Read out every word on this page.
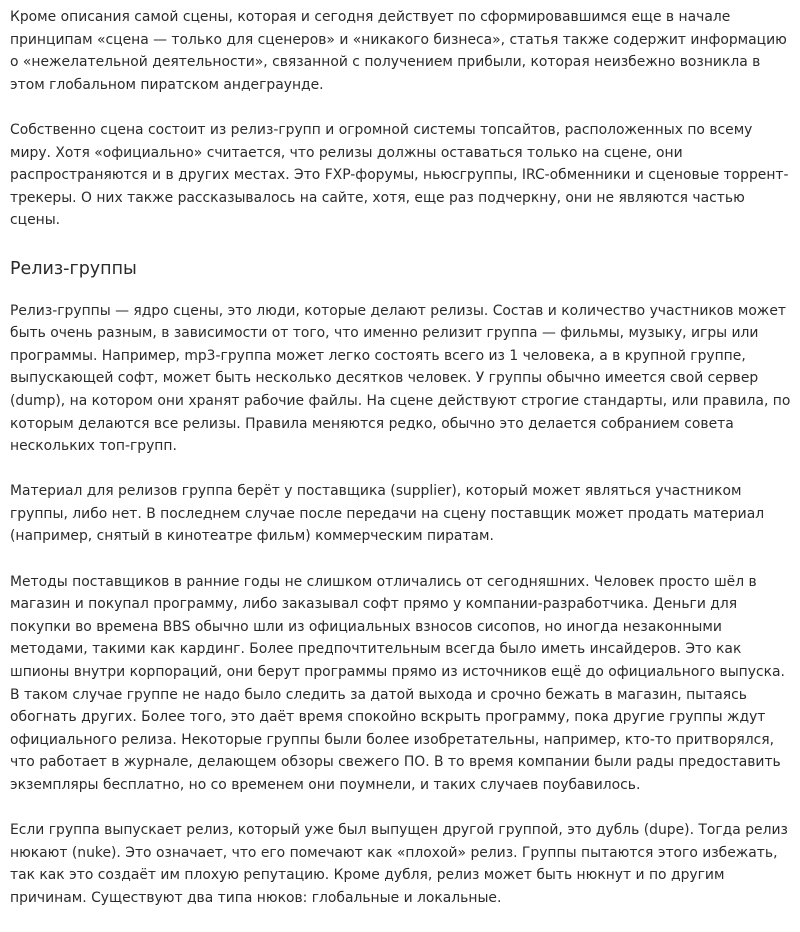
Кроме описания самой сцены, которая и сегодня действует по сформировавшимся еще в начале принципам «сцена — только для сценеров» и «никакого бизнеса», статья также содержит информацию о «нежелательной деятельности», связанной с получением прибыли, которая неизбежно возникла в этом глобальном пиратском андеграунде.

Собственно сцена состоит из релиз-групп и огромной системы топсайтов, расположенных по всему миру. Хотя «официально» считается, что релизы должны оставаться только на сцене, они распространяются и в других местах. Это FXP-форумы, ньюсгруппы, IRC-обменники и сценовые торрент-трекеры. О них также рассказывалось на сайте, хотя, еще раз подчеркну, они не являются частью сцены.

Релиз-группы

Релиз-группы — ядро сцены, это люди, которые делают релизы. Состав и количество участников может быть очень разным, в зависимости от того, что именно релизит группа — фильмы, музыку, игры или программы. Например, mp3-группа может легко состоять всего из 1 человека, а в крупной группе, выпускающей софт, может быть несколько десятков человек. У группы обычно имеется свой сервер (dump), на котором они хранят рабочие файлы. На сцене действуют строгие стандарты, или правила, по которым делаются все релизы. Правила меняются редко, обычно это делается собранием совета нескольких топ-групп.

Материал для релизов группа берёт у поставщика (supplier), который может являться участником группы, либо нет. В последнем случае после передачи на сцену поставщик может продать материал (например, снятый в кинотеатре фильм) коммерческим пиратам.

Методы поставщиков в ранние годы не слишком отличались от сегодняшних. Человек просто шёл в магазин и покупал программу, либо заказывал софт прямо у компании-разработчика. Деньги для покупки во времена BBS обычно шли из официальных взносов сисопов, но иногда незаконными методами, такими как кардинг. Более предпочтительным всегда было иметь инсайдеров. Это как шпионы внутри корпораций, они берут программы прямо из источников ещё до официального выпуска. В таком случае группе не надо было следить за датой выхода и срочно бежать в магазин, пытаясь обогнать других. Более того, это даёт время спокойно вскрыть программу, пока другие группы ждут официального релиза. Некоторые группы были более изобретательны, например, кто-то притворялся, что работает в журнале, делающем обзоры свежего ПО. В то время компании были рады предоставить экземпляры бесплатно, но со временем они поумнели, и таких случаев поубавилось.

Если группа выпускает релиз, который уже был выпущен другой группой, это дубль (dupe). Тогда релиз нюкают (nuke). Это означает, что его помечают как «плохой» релиз. Группы пытаются этого избежать, так как это создаёт им плохую репутацию. Кроме дубля, релиз может быть нюкнут и по другим причинам. Существуют два типа нюков: глобальные и локальные.
